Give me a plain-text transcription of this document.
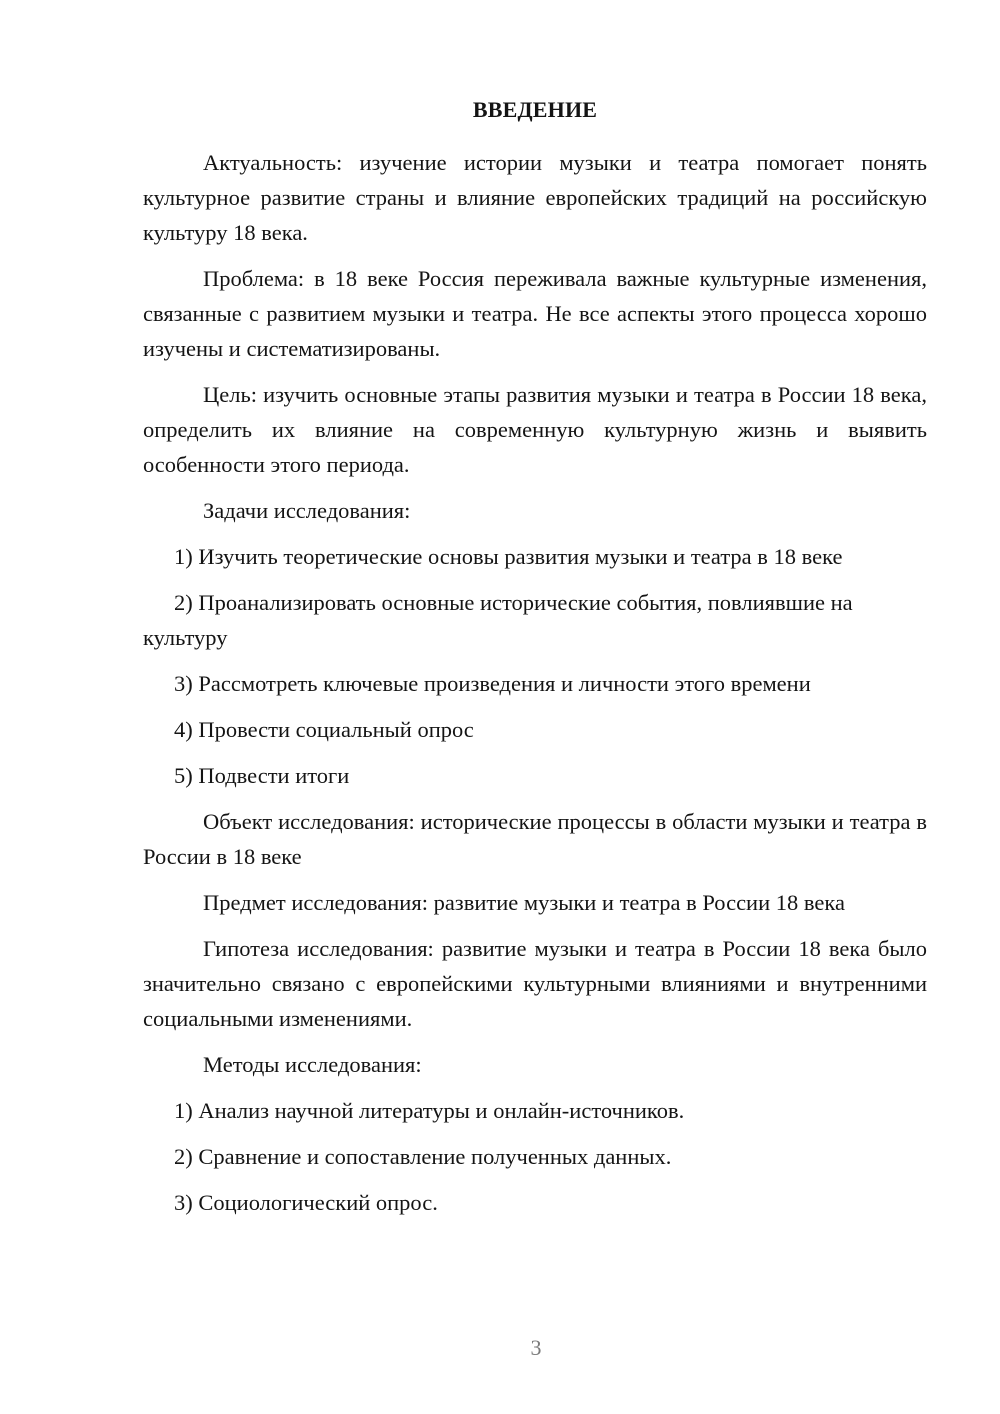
ВВЕДЕНИЕ

Актуальность: изучение истории музыки и театра помогает понять культурное развитие страны и влияние европейских традиций на российскую культуру 18 века.

Проблема: в 18 веке Россия переживала важные культурные изменения, связанные с развитием музыки и театра. Не все аспекты этого процесса хорошо изучены и систематизированы.

Цель: изучить основные этапы развития музыки и театра в России 18 века, определить их влияние на современную культурную жизнь и выявить особенности этого периода.

Задачи исследования:

1) Изучить теоретические основы развития музыки и театра в 18 веке

2) Проанализировать основные исторические события, повлиявшие на культуру

3) Рассмотреть ключевые произведения и личности этого времени

4) Провести социальный опрос

5) Подвести итоги

Объект исследования: исторические процессы в области музыки и театра в России в 18 веке

Предмет исследования: развитие музыки и театра в России 18 века

Гипотеза исследования: развитие музыки и театра в России 18 века было значительно связано с европейскими культурными влияниями и внутренними социальными изменениями.

Методы исследования:

1) Анализ научной литературы и онлайн-источников.

2) Сравнение и сопоставление полученных данных.

3) Социологический опрос.

3
